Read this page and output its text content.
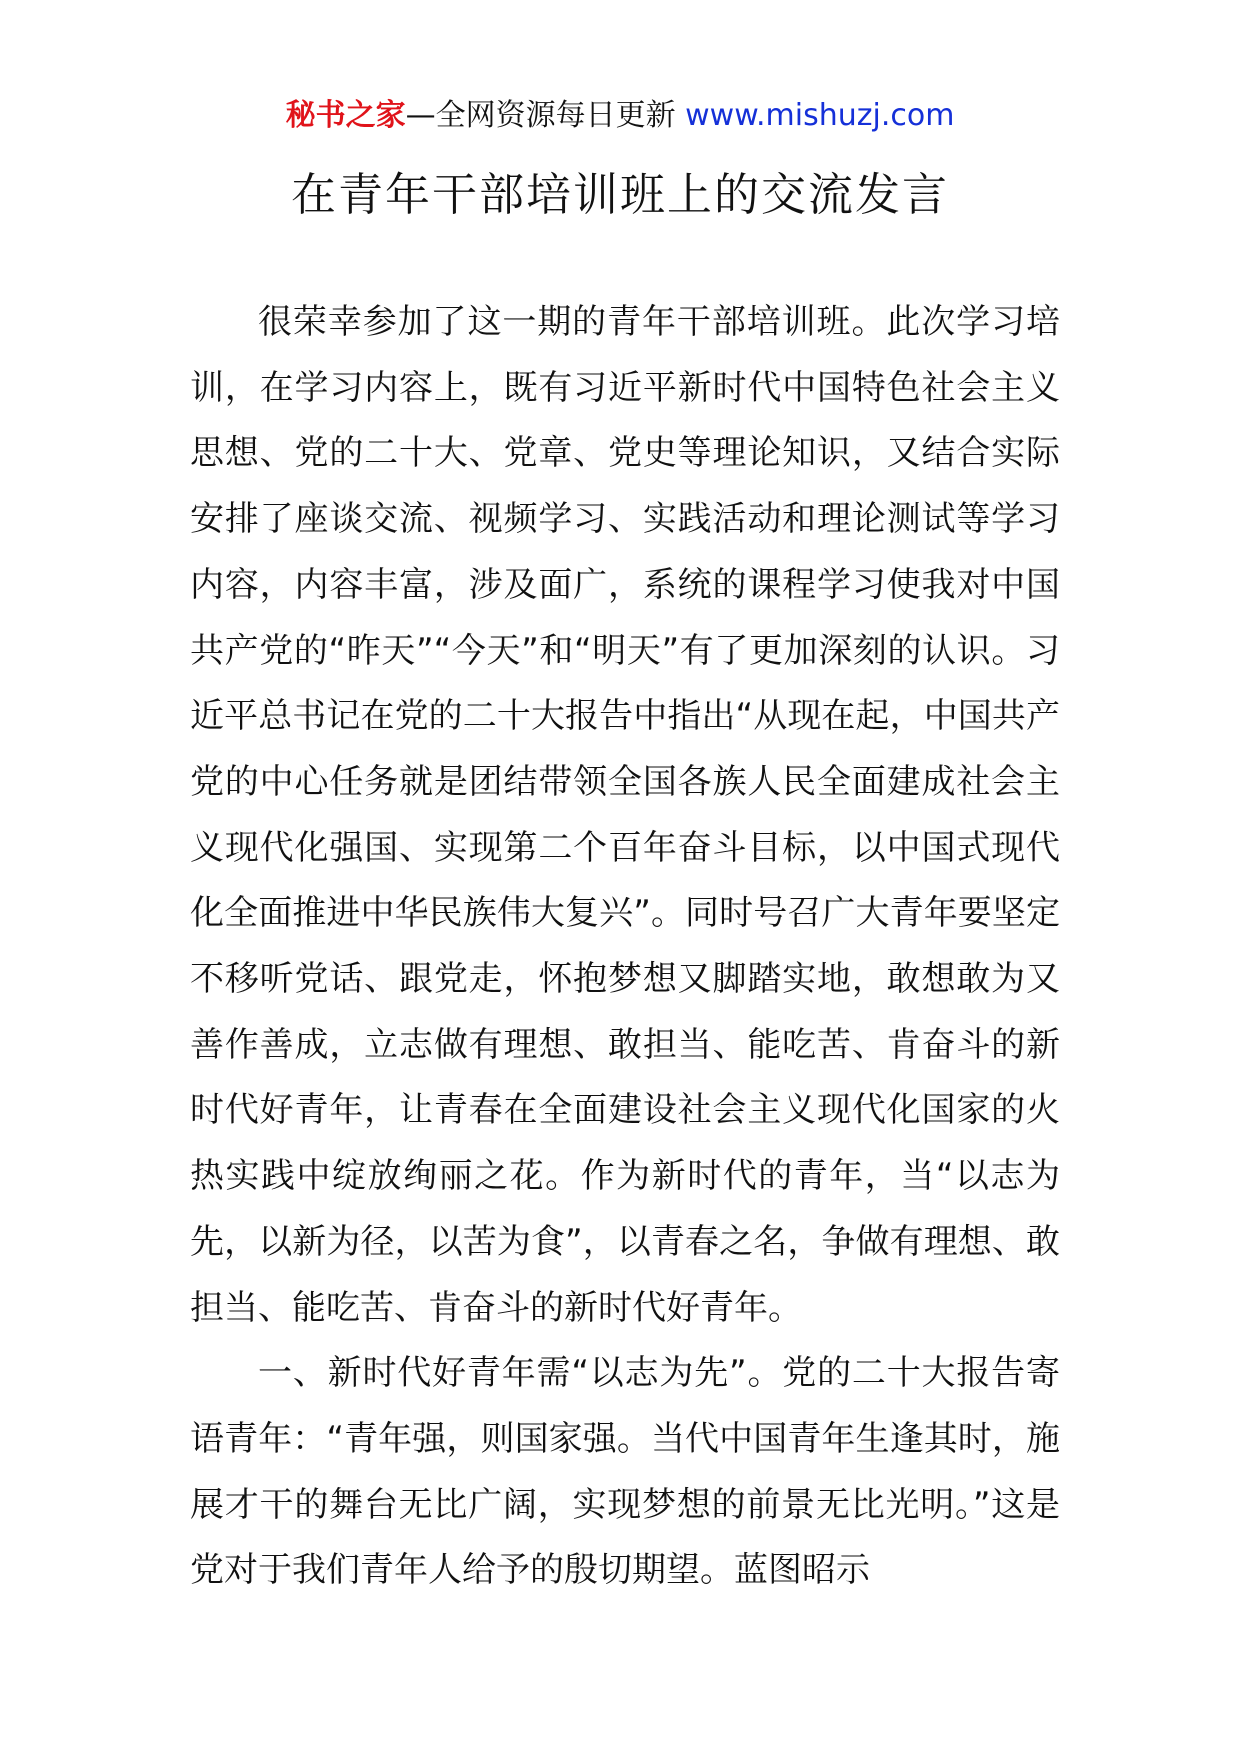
秘书之家—全网资源每日更新 www.mishuzj.com
在青年干部培训班上的交流发言

很荣幸参加了这一期的青年干部培训班。此次学习培训，在学习内容上，既有习近平新时代中国特色社会主义思想、党的二十大、党章、党史等理论知识，又结合实际安排了座谈交流、视频学习、实践活动和理论测试等学习内容，内容丰富，涉及面广，系统的课程学习使我对中国共产党的“昨天”“今天”和“明天”有了更加深刻的认识。习近平总书记在党的二十大报告中指出“从现在起，中国共产党的中心任务就是团结带领全国各族人民全面建成社会主义现代化强国、实现第二个百年奋斗目标，以中国式现代化全面推进中华民族伟大复兴”。同时号召广大青年要坚定不移听党话、跟党走，怀抱梦想又脚踏实地，敢想敢为又善作善成，立志做有理想、敢担当、能吃苦、肯奋斗的新时代好青年，让青春在全面建设社会主义现代化国家的火热实践中绽放绚丽之花。作为新时代的青年，当“以志为先，以新为径，以苦为食”，以青春之名，争做有理想、敢担当、能吃苦、肯奋斗的新时代好青年。

一、新时代好青年需“以志为先”。党的二十大报告寄语青年：“青年强，则国家强。当代中国青年生逢其时，施展才干的舞台无比广阔，实现梦想的前景无比光明。”这是党对于我们青年人给予的殷切期望。蓝图昭示
